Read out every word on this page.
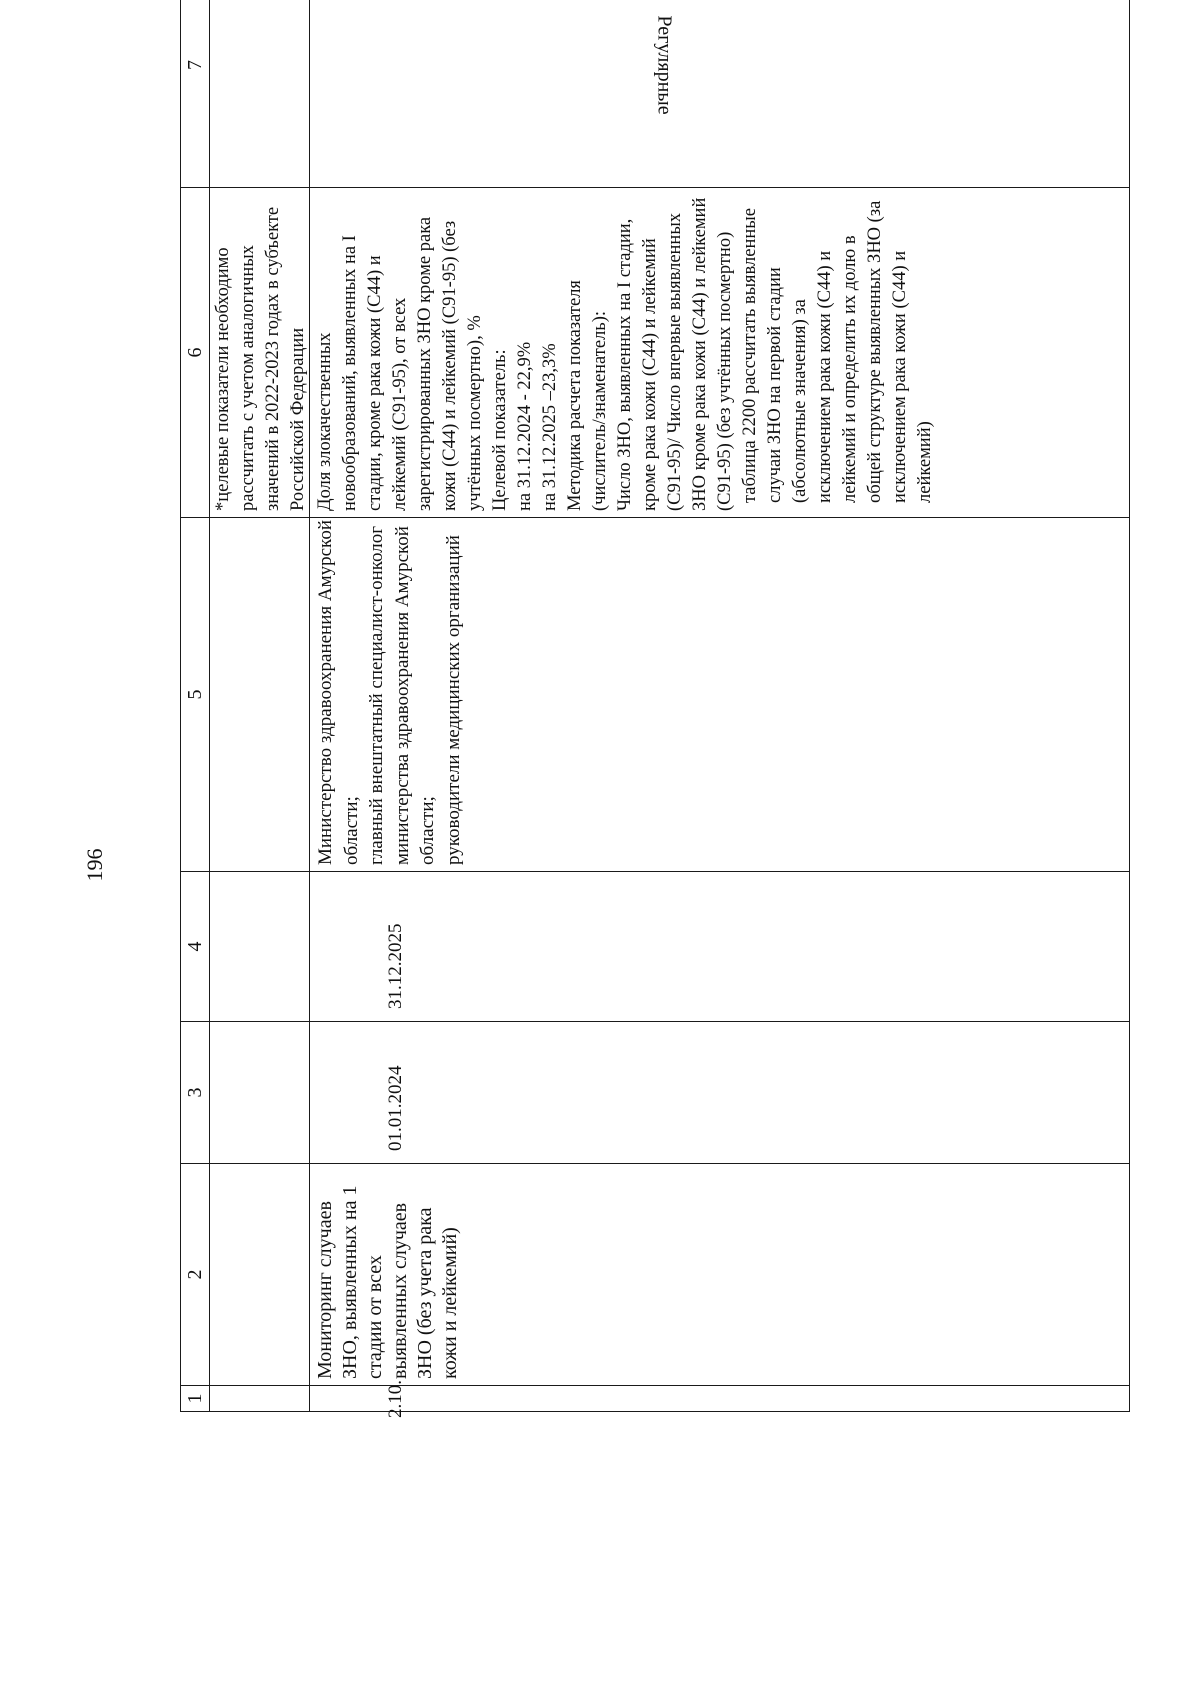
196
1	2.10.
2	Мониторинг случаев ЗНО, выявленных на 1 стадии от всех выявленных случаев ЗНО (без учета рака кожи и лейкемий)
3	01.01.2024
4	31.12.2025
5
Министерство здравоохранения Амурской области;
главный внештатный специалист-онколог министерства здравоохранения Амурской области;
руководители медицинских организаций
6 *целевые показатели необходимо рассчитать с учетом аналогичных значений в 2022-2023 годах в субъекте Российской Федерации Доля злокачественных новообразований, выявленных на I стадии, кроме рака кожи (С44) и лейкемий (С91-95), от всех зарегистрированных ЗНО кроме рака кожи (С44) и лейкемий (С91-95) (без учтённых посмертно), % Целевой показатель: на 31.12.2024 - 22,9% на 31.12.2025 –23,3% Методика расчета показателя (числитель/знаменатель): Число ЗНО, выявленных на I стадии, кроме рака кожи (С44) и лейкемий (С91-95)/ Число впервые выявленных ЗНО кроме рака кожи (С44) и лейкемий (С91-95) (без учтённых посмертно) таблица 2200 рассчитать выявленные случаи ЗНО на первой стадии (абсолютные значения) за исключением рака кожи (С44) и лейкемий и определить их долю в общей структуре выявленных ЗНО (за исключением рака кожи (С44) и лейкемий)
7	Регулярные
